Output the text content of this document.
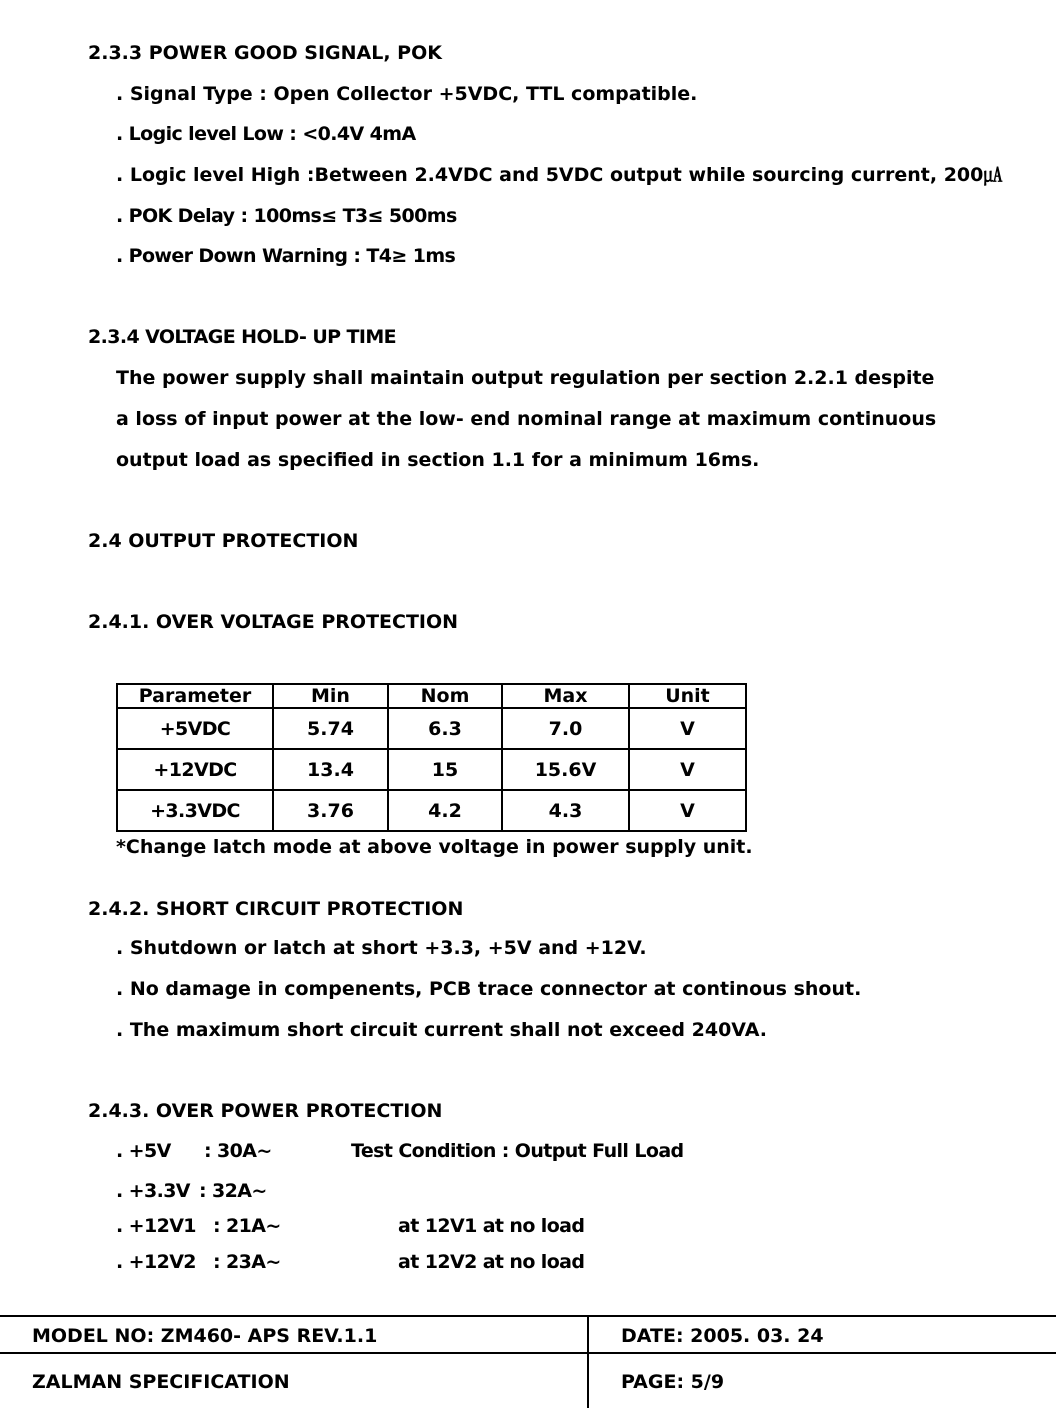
2.3.3 POWER GOOD SIGNAL, POK
. Signal Type : Open Collector +5VDC, TTL compatible.
. Logic level Low : <0.4V 4mA
. Logic level High :Between 2.4VDC and 5VDC output while sourcing current, 200㎂
. POK Delay : 100ms≤ T3≤ 500ms
. Power Down Warning : T4≥ 1ms
2.3.4 VOLTAGE HOLD- UP TIME
The power supply shall maintain output regulation per section 2.2.1 despite
a loss of input power at the low- end nominal range at maximum continuous
output load as specified in section 1.1 for a minimum 16ms.
2.4 OUTPUT PROTECTION
2.4.1. OVER VOLTAGE PROTECTION
Parameter	Min	Nom	Max	Unit
+5VDC	5.74	6.3	7.0	V
+12VDC	13.4	15	15.6V	V
+3.3VDC	3.76	4.2	4.3	V
*Change latch mode at above voltage in power supply unit.
2.4.2. SHORT CIRCUIT PROTECTION
. Shutdown or latch at short +3.3, +5V and +12V.
. No damage in compenents, PCB trace connector at continous shout.
. The maximum short circuit current shall not exceed 240VA.
2.4.3. OVER POWER PROTECTION
. +5V : 30A~	Test Condition : Output Full Load
. +3.3V : 32A~
. +12V1 : 21A~	at 12V1 at no load
. +12V2 : 23A~	at 12V2 at no load
MODEL NO: ZM460- APS REV.1.1	DATE: 2005. 03. 24
ZALMAN SPECIFICATION	PAGE: 5/9
